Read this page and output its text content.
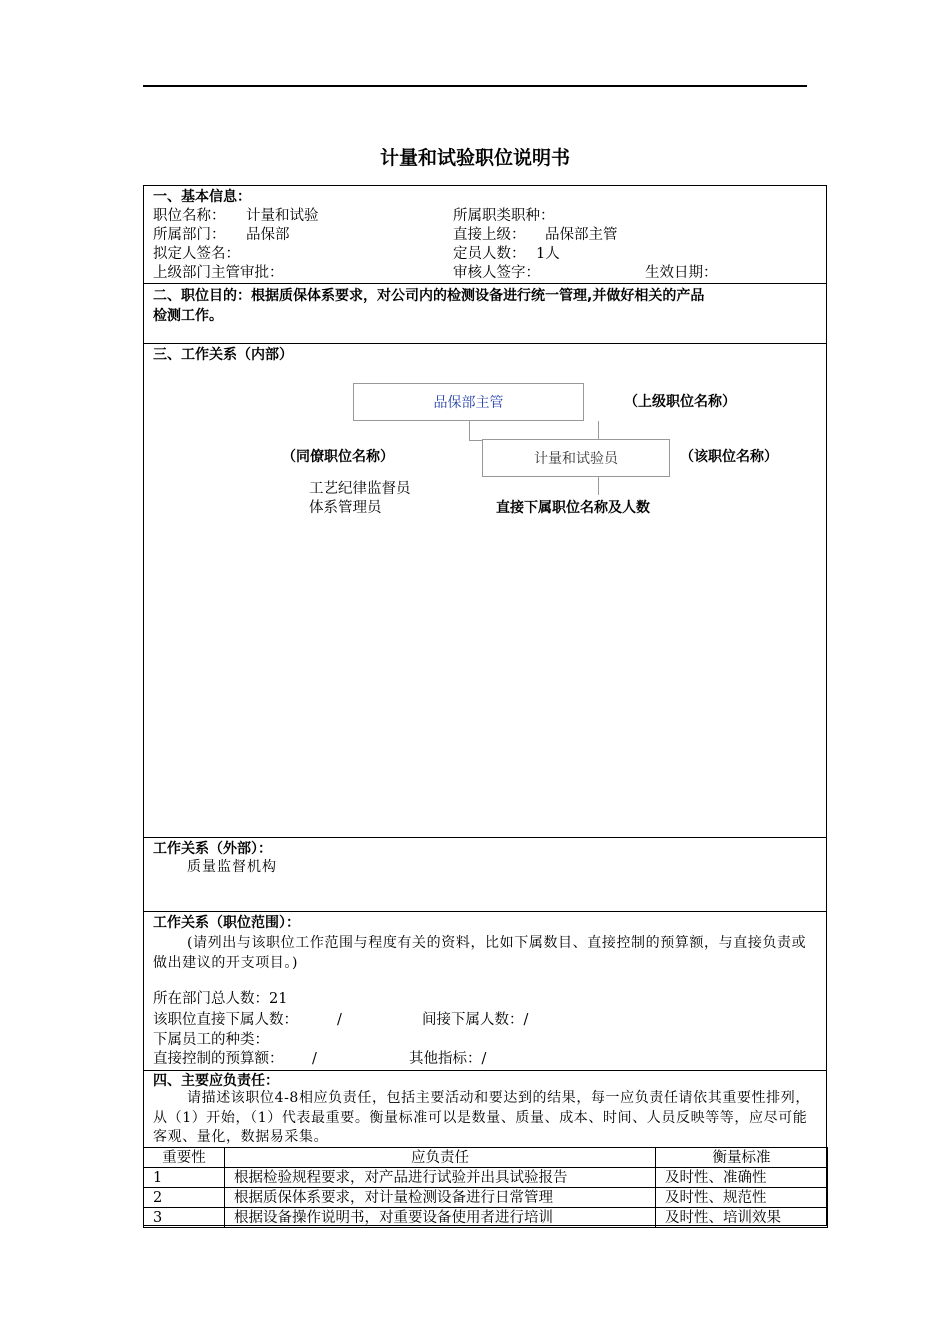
计量和试验职位说明书
一、基本信息：
职位名称： 计量和试验	所属职类职种：
所属部门： 品保部	直接上级： 品保部主管
拟定人签名：	定员人数： 1人
上级部门主管审批：	审核人签字：	生效日期：
二、职位目的：根据质保体系要求，对公司内的检测设备进行统一管理,并做好相关的产品
检测工作。
三、工作关系（内部）
品保部主管	（上级职位名称）
计量和试验员	（该职位名称）
（同僚职位名称）
工艺纪律监督员
体系管理员	直接下属职位名称及人数
工作关系（外部）：
质量监督机构
工作关系（职位范围）：
(请列出与该职位工作范围与程度有关的资料，比如下属数目、直接控制的预算额，与直接负责或做出建议的开支项目。)
所在部门总人数：21
该职位直接下属人数：	/	间接下属人数：/
下属员工的种类：
直接控制的预算额： /	其他指标：/
四、主要应负责任：
请描述该职位4-8相应负责任，包括主要活动和要达到的结果，每一应负责任请依其重要性排列，从（1）开始，（1）代表最重要。衡量标准可以是数量、质量、成本、时间、人员反映等等，应尽可能客观、量化，数据易采集。
重要性	应负责任	衡量标准
1	根据检验规程要求，对产品进行试验并出具试验报告	及时性、准确性
2	根据质保体系要求，对计量检测设备进行日常管理	及时性、规范性
3	根据设备操作说明书，对重要设备使用者进行培训	及时性、培训效果
